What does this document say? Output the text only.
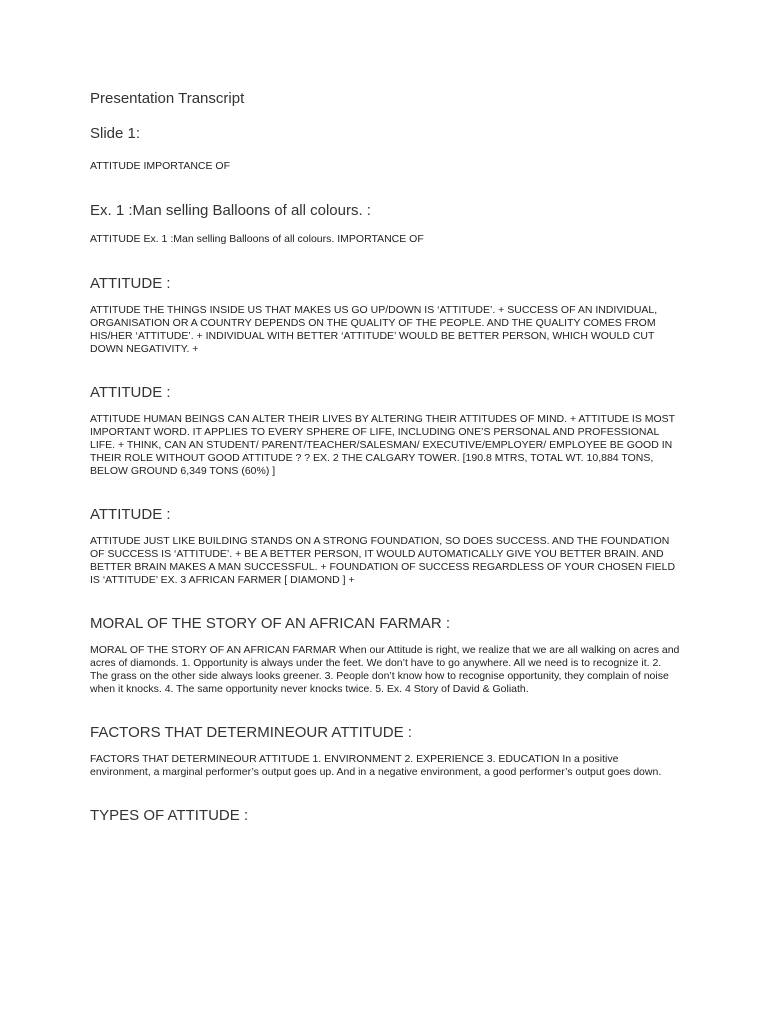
Presentation Transcript
Slide 1:

ATTITUDE IMPORTANCE OF

Ex. 1 :Man selling Balloons of all colours. :

ATTITUDE Ex. 1 :Man selling Balloons of all colours. IMPORTANCE OF

ATTITUDE :

ATTITUDE THE THINGS INSIDE US THAT MAKES US GO UP/DOWN IS ‘ATTITUDE’. + SUCCESS OF AN INDIVIDUAL, ORGANISATION OR A COUNTRY DEPENDS ON THE QUALITY OF THE PEOPLE. AND THE QUALITY COMES FROM HIS/HER ‘ATTITUDE’. + INDIVIDUAL WITH BETTER ‘ATTITUDE’ WOULD BE BETTER PERSON, WHICH WOULD CUT DOWN NEGATIVITY. +

ATTITUDE :

ATTITUDE HUMAN BEINGS CAN ALTER THEIR LIVES BY ALTERING THEIR ATTITUDES OF MIND. + ATTITUDE IS MOST IMPORTANT WORD. IT APPLIES TO EVERY SPHERE OF LIFE, INCLUDING ONE’S PERSONAL AND PROFESSIONAL LIFE. + THINK, CAN AN STUDENT/ PARENT/TEACHER/SALESMAN/ EXECUTIVE/EMPLOYER/ EMPLOYEE BE GOOD IN THEIR ROLE WITHOUT GOOD ATTITUDE ? ? EX. 2 THE CALGARY TOWER. [190.8 MTRS, TOTAL WT. 10,884 TONS, BELOW GROUND 6,349 TONS (60%) ]

ATTITUDE :

ATTITUDE JUST LIKE BUILDING STANDS ON A STRONG FOUNDATION, SO DOES SUCCESS. AND THE FOUNDATION OF SUCCESS IS ‘ATTITUDE’. + BE A BETTER PERSON, IT WOULD AUTOMATICALLY GIVE YOU BETTER BRAIN. AND BETTER BRAIN MAKES A MAN SUCCESSFUL. + FOUNDATION OF SUCCESS REGARDLESS OF YOUR CHOSEN FIELD IS ‘ATTITUDE’ EX. 3 AFRICAN FARMER [ DIAMOND ] +

MORAL OF THE STORY OF AN AFRICAN FARMAR :

MORAL OF THE STORY OF AN AFRICAN FARMAR When our Attitude is right, we realize that we are all walking on acres and acres of diamonds. 1. Opportunity is always under the feet. We don’t have to go anywhere. All we need is to recognize it. 2. The grass on the other side always looks greener. 3. People don’t know how to recognise opportunity, they complain of noise when it knocks. 4. The same opportunity never knocks twice. 5. Ex. 4 Story of David & Goliath.

FACTORS THAT DETERMINEOUR ATTITUDE :

FACTORS THAT DETERMINEOUR ATTITUDE 1. ENVIRONMENT 2. EXPERIENCE 3. EDUCATION In a positive environment, a marginal performer’s output goes up. And in a negative environment, a good performer’s output goes down.

TYPES OF ATTITUDE :
